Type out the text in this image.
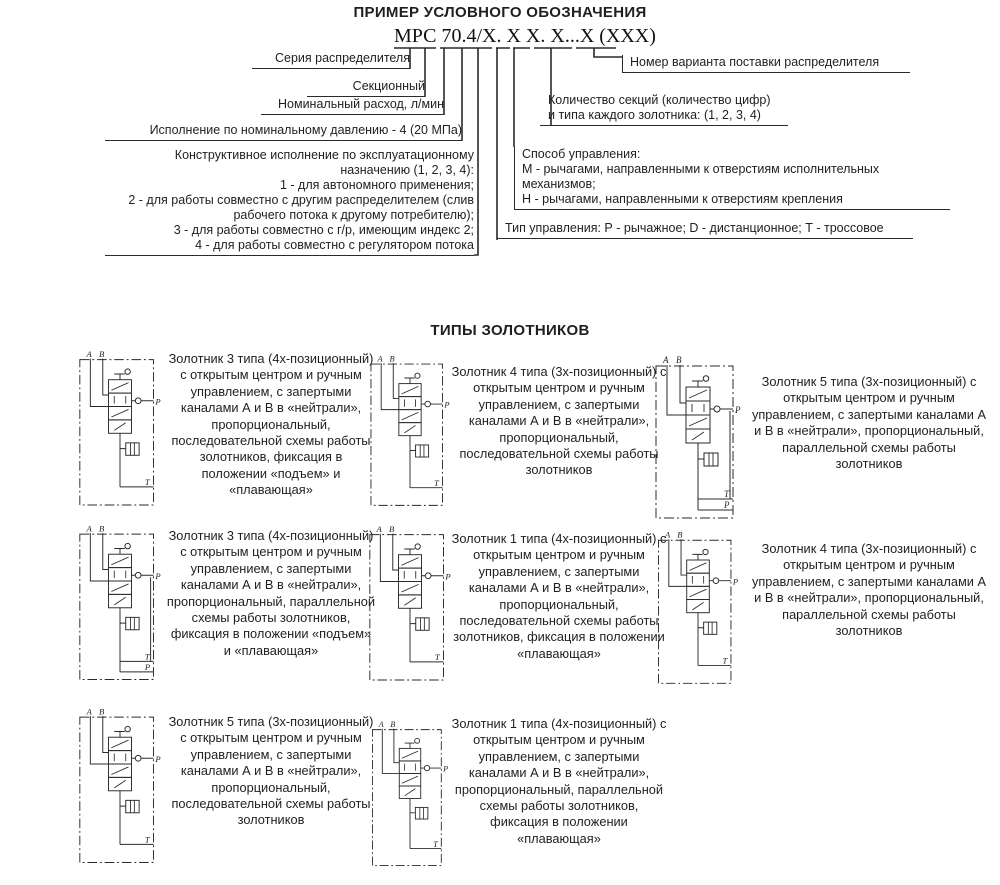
ПРИМЕР УСЛОВНОГО ОБОЗНАЧЕНИЯ
МРС 70.4/Х. Х Х. Х...Х (ХХХ)
Серия распределителя
Секционный
Номинальный расход, л/мин
Исполнение по номинальному давлению - 4 (20 МПа)
Конструктивное исполнение по эксплуатационному
назначению (1, 2, 3, 4):
1 - для автономного применения;
2 - для работы совместно с другим распределителем (слив
рабочего потока к другому потребителю);
3 - для работы совместно с г/р, имеющим индекс 2;
4 - для работы совместно с регулятором потока
Номер варианта поставки распределителя
Количество секций (количество цифр)
и типа каждого золотника: (1, 2, 3, 4)
Способ управления:
М - рычагами, направленными к отверстиям исполнительных механизмов;
Н - рычагами, направленными к отверстиям крепления
Тип управления: Р - рычажное; D - дистанционное; Т - троссовое
ТИПЫ ЗОЛОТНИКОВ
A B
P
T
Золотник 3 типа (4х-позиционный) с открытым центром и ручным управлением, с запертыми каналами А и В в «нейтрали», пропорциональный, последовательной схемы работы золотников, фиксация в положении «подъем» и «плавающая»
A B
P
T
Золотник 4 типа (3х-позиционный) с открытым центром и ручным управлением, с запертыми каналами А и В в «нейтрали», пропорциональный, последовательной схемы работы золотников
A B
P
T
P
Золотник 5 типа (3х-позиционный) с открытым центром и ручным управлением, с запертыми каналами А и В в «нейтрали», пропорциональный, параллельной схемы работы золотников
A B
P
T
P
Золотник 3 типа (4х-позиционный) с открытым центром и ручным управлением, с запертыми каналами А и В в «нейтрали», пропорциональный, параллельной схемы работы золотников, фиксация в положении «подъем» и «плавающая»
A B
P
T
Золотник 1 типа (4х-позиционный) с открытым центром и ручным управлением, с запертыми каналами А и В в «нейтрали», пропорциональный, последовательной схемы работы золотников, фиксация в положении «плавающая»
A B
P
T
Золотник 4 типа (3х-позиционный) с открытым центром и ручным управлением, с запертыми каналами А и В в «нейтрали», пропорциональный, параллельной схемы работы золотников
A B
P
T
Золотник 5 типа (3х-позиционный) с открытым центром и ручным управлением, с запертыми каналами А и В в «нейтрали», пропорциональный, последовательной схемы работы золотников
A B
P
T
Золотник 1 типа (4х-позиционный) с открытым центром и ручным управлением, с запертыми каналами А и В в «нейтрали», пропорциональный, параллельной схемы работы золотников, фиксация в положении «плавающая»
